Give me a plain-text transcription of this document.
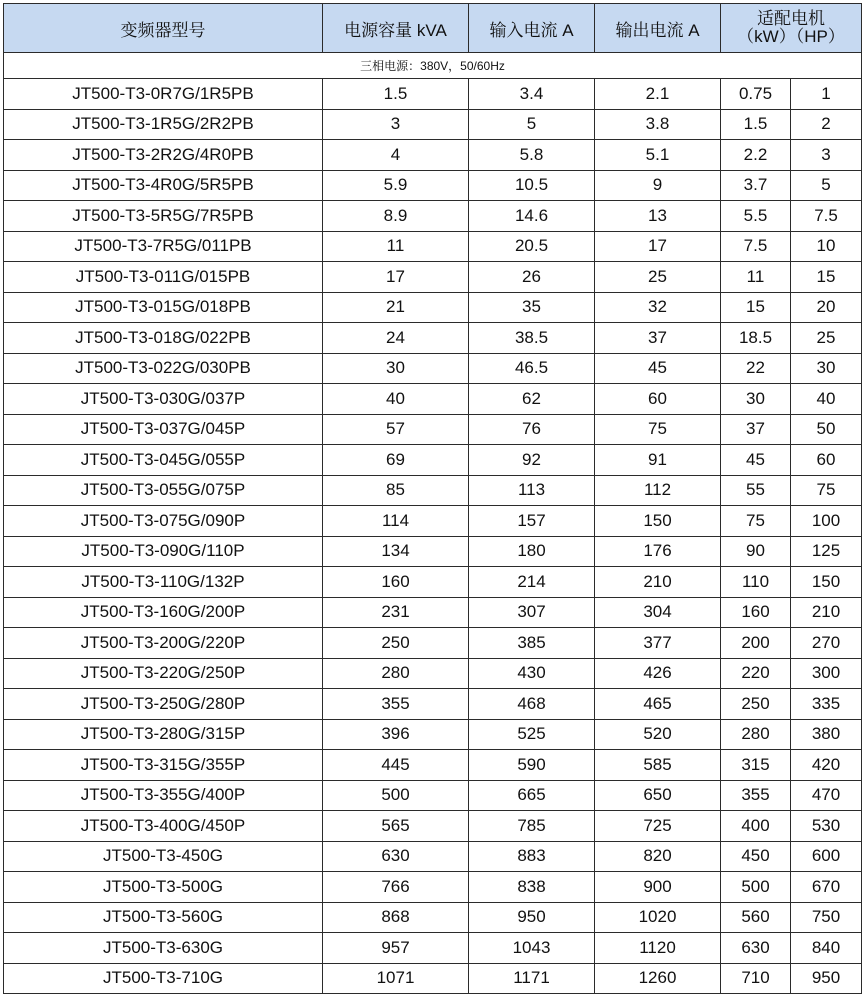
变频器型号	电源容量 kVA	输入电流 A	输出电流 A	适配电机
（kW）（HP）	

三相电源：380V，50/60Hz					
JT500-T3-0R7G/1R5PB	1.5	3.4	2.1	0.75	1
JT500-T3-1R5G/2R2PB	3	5	3.8	1.5	2
JT500-T3-2R2G/4R0PB	4	5.8	5.1	2.2	3
JT500-T3-4R0G/5R5PB	5.9	10.5	9	3.7	5
JT500-T3-5R5G/7R5PB	8.9	14.6	13	5.5	7.5
JT500-T3-7R5G/011PB	11	20.5	17	7.5	10
JT500-T3-011G/015PB	17	26	25	11	15
JT500-T3-015G/018PB	21	35	32	15	20
JT500-T3-018G/022PB	24	38.5	37	18.5	25
JT500-T3-022G/030PB	30	46.5	45	22	30
JT500-T3-030G/037P	40	62	60	30	40
JT500-T3-037G/045P	57	76	75	37	50
JT500-T3-045G/055P	69	92	91	45	60
JT500-T3-055G/075P	85	113	112	55	75
JT500-T3-075G/090P	114	157	150	75	100
JT500-T3-090G/110P	134	180	176	90	125
JT500-T3-110G/132P	160	214	210	110	150
JT500-T3-160G/200P	231	307	304	160	210
JT500-T3-200G/220P	250	385	377	200	270
JT500-T3-220G/250P	280	430	426	220	300
JT500-T3-250G/280P	355	468	465	250	335
JT500-T3-280G/315P	396	525	520	280	380
JT500-T3-315G/355P	445	590	585	315	420
JT500-T3-355G/400P	500	665	650	355	470
JT500-T3-400G/450P	565	785	725	400	530
JT500-T3-450G	630	883	820	450	600
JT500-T3-500G	766	838	900	500	670
JT500-T3-560G	868	950	1020	560	750
JT500-T3-630G	957	1043	1120	630	840
JT500-T3-710G	1071	1171	1260	710	950
